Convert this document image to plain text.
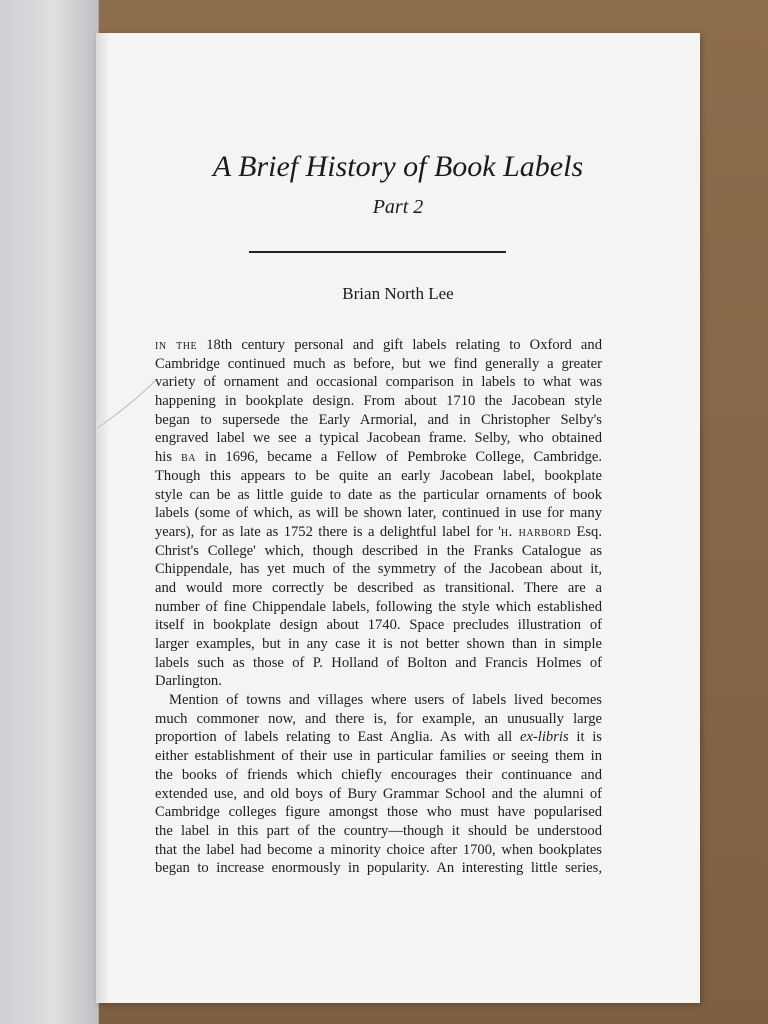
A Brief History of Book Labels
Part 2
Brian North Lee
in the 18th century personal and gift labels relating to Oxford and
Cambridge continued much as before, but we find generally a greater
variety of ornament and occasional comparison in labels to what was
happening in bookplate design. From about 1710 the Jacobean style
began to supersede the Early Armorial, and in Christopher Selby's
engraved label we see a typical Jacobean frame. Selby, who obtained
his ba in 1696, became a Fellow of Pembroke College, Cambridge.
Though this appears to be quite an early Jacobean label, bookplate
style can be as little guide to date as the particular ornaments of book
labels (some of which, as will be shown later, continued in use for many
years), for as late as 1752 there is a delightful label for 'h. harbord Esq.
Christ's College' which, though described in the Franks Catalogue as
Chippendale, has yet much of the symmetry of the Jacobean about it,
and would more correctly be described as transitional. There are a
number of fine Chippendale labels, following the style which established
itself in bookplate design about 1740. Space precludes illustration of
larger examples, but in any case it is not better shown than in simple
labels such as those of P. Holland of Bolton and Francis Holmes of
Darlington.
Mention of towns and villages where users of labels lived becomes
much commoner now, and there is, for example, an unusually large
proportion of labels relating to East Anglia. As with all ex-libris it is
either establishment of their use in particular families or seeing them in
the books of friends which chiefly encourages their continuance and
extended use, and old boys of Bury Grammar School and the alumni of
Cambridge colleges figure amongst those who must have popularised
the label in this part of the country—though it should be understood
that the label had become a minority choice after 1700, when bookplates
began to increase enormously in popularity. An interesting little series,
